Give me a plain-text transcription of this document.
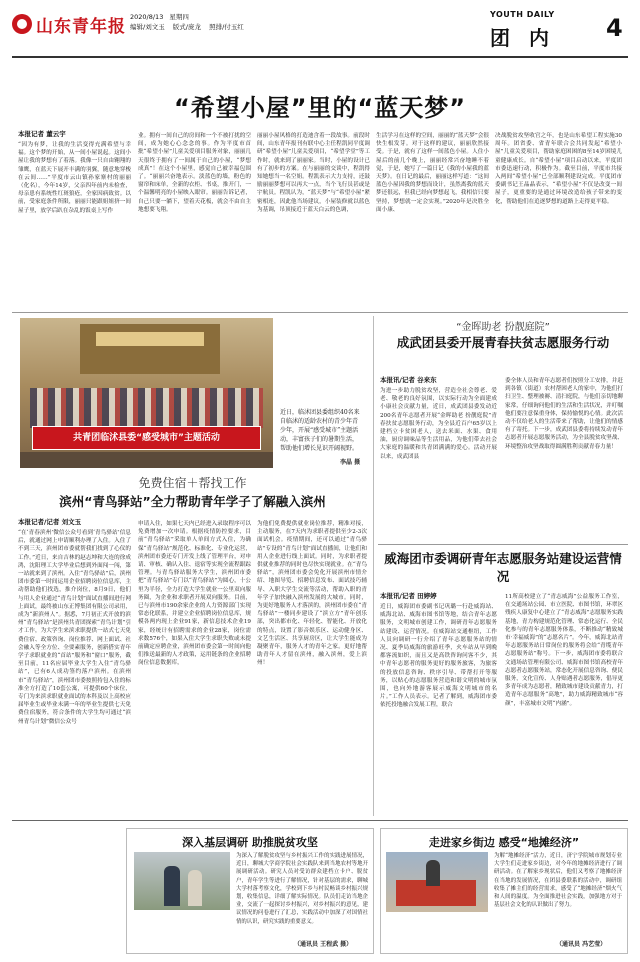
山东青年报 2020/8/13 星期四
编辑/刘文玉 版式/庞龙 照排/付玉红
YOUTH DAILY
团 内 4
“希望小屋”里的“蓝天梦”
本报记者 董云宇
“因为有梦，让我的生活变得充满希望与幸福。这个梦的开始，从一间小屋说起。这间小屋让我的梦想有了着落。我像一只自由翱翔的雏鹰，在蓝天下展开丰满的羽翼，随意地穿梭在云间……”平度市云山镇孙家寨村的丽丽（化名），今年14岁，父亲四年前内未检查，母亲患有系统性红斑狼疮，全家因病致贫。以前，受家庭条件所限，丽丽只能跟姐姐挤一间屋子里，放学后趴在杂乱的饭桌上写作
业。拥有一间自己的房间和一个不被打扰的空间，成为她心心念念的事。作为平度市首批“希望小屋”儿童关爱项目服务对象，丽丽几天很终于拥有了一间属于自己的小屋，“梦想成真”！在这个小屋里，感觉自己被幸福包围了。“丽丽兴奋地表示。淡蓝色的墙，粉色的窗帘和床单，全新的衣柜、书桌，推开门，一个温馨明亮的小屋映入眼帘。丽丽告诉记者，自己只要一躺下，望着天花板，就会不由自主地想要飞翔。
丽丽小屋风格的打造迪含着一段故事。前段时间，山东青年报刊有联中心主任程凯同平度调研“希望小屋”儿童关爱项目，“希望学堂”等工作时，就来到了丽丽家。当时，小屋的设计已有了初步的方案。在与丽丽的交谈中，程凯得知她想当一名空姐。程凯表示大力支持，还鼓励丽丽梦想可以再大一点，当个飞行员甚或是宇航员。程凯认为，“蓝天梦”与“希望小屋”紧密相连，因此他当场建议，小屋装修就以蓝色为基调，吊顶接近于蓝天白云的色调，
生活学习在这样的空间，丽丽的“蓝天梦”会很快生根发芽。对于这样的建议，丽丽欣然接受。于是，就有了这样一间蓝色小屋。人住小屋后的前几个晚上，丽丽经常兴奋地睡不着觉，于是，她写了一篇日记《我的小屋我的蓝天梦》。在日记的最后，丽丽这样写道：“这间蓝色小屋因我的梦想而设计，虽然离我的蓝天梦还很远，但我已经向梦想起飞，我相信只要坚持，梦想就一定会实现。”2020年是决胜全面小康、
决战脱贫攻坚收官之年，也是山东希望工程实施30周年。团省委、省青年联合会共同发起“希望小屋”儿童关爱项目，帮助家庭困困的8至14岁困境儿童健康成长。自“希望小屋”项目启动以来，平度团市委迅速行动，积极作为。截至目前，平度市共接入两间“希望小屋”已全部顺利建设完成。平度团市委副书记王晶晶表示，“希望小屋”不仅是改变一间屋子，更重要的是通过环境改造给孩子带来的变化，帮助他们在追逐梦想的道路上走得更平稳。
共青团临沭县委“感受城市”主题活动
近日，临沭团县委组织40名来自临沭的适龄农村的青少年青少年，开展“感受城市”主题活动，丰富孩子们的暑期生活，帮助他们增长见识开阔视野。
李晶 摄
免费住宿＋帮找工作
滨州“青鸟驿站”全力帮助青年学子了解融入滨州
本报记者/记者 刘文玉
“在‘青春滨州’微信公众号看到‘青鸟驿站’信息后，就通过网上申请顺利办理了入住。入住了不到三天，滨州团市委就帮我们找到了心仪的工作。”近日，来自吉林的赵志坤和大连的徐成鸿，沈阳理工大学毕业后想到外面闯一闯，第一站就来到了滨州。入住“青鸟驿站”后，滨州团市委第一时间运用企业招聘岗位信息库，主动帮助他们找选，推介岗位，8月9日，他们与用人企业通过“青鸟计划”面试直播间进行网上面试，最终被山东正博集团有限公司录用，成为“新滨州人”。据悉，7月初正式开放的滨州“青鸟驿站”是滨州共青团探索“青鸟计划”引才工作，为大学生来滨求职提供一站式七天免费住宿、政策咨询、岗位推荐、网上面试、社会融入等全方位、全要素服务，创新搭实青年学子求职就业的“首站”服务和“窗口”服务，截至目前，11名应届毕业大学生入住“青鸟驿站”，已有6人成功签约落户滨州。在滨州市“青鸟驿站”，滨州团市委按照持包入住的标准全方打造了10套公寓，可提供60个床位，专门为来滨求职就业面试的本科及以上高校应届毕业生或毕业未满一年的毕业生提供七天免费住宿服务，符合条件的大学生均可通过“滨州青鸟计划”微信公众号
申请入住，如果七天内已经进入录取程序可以免费增加一次申请。根据疫情防控要求，目前“青鸟驿站”采取单人单间方式入住，为确保“青鸟驿站”规范化、标准化、专业化运营，滨州团市委还专门开发上线了管理平台，对申请、审核、确认入住、退宿等实现全流程跟踪管理。与青鸟驿站服务大学生，滨州团市委把“青鸟驿站”专门以“青鸟驿站”为圆心，十公里为半径，全力打造大学生就业一公里双向服务圈，为企业和求职者开展双向服务。目前，已与滨州市190余家企业的人力资源部门实现常态化联系，并建立企业招聘岗位信息库，规模各两内现上企业91家，新信息技术企业19家，经统计有招聘需求的企业28家，岗位需求数576个，如果入住大学生求职失败或未提前确定应聘企业，滨州团市委会第一时间向他们推送最新的人才政策，运用链条的企业招聘岗位信息数据库，
为他们免费提供就业岗位推荐，精准对接，主动服务，在7天内为求职者提供至少2-3次面试机会。疫情期间，还可以通过“青鸟驿站”专设的“青鸟计划”面试直播间，让他们和用人企业进行线上面试。同时，为求职者提供就业推荐的同时也尽快实现就业。在“青鸟驿站”，滨州团市委会免化开展滨州市情介绍、地图导览、招聘信息发布、面试技巧辅导、入职大学生交流等活动，帮助入职的青年学子加快融入滨州发展的大城市。同时，为更好地服务人才落滨的，滨州团市委在“青鸟驿站”一楼同步建设了“滨立方”青年创乐部，突出都市化、年轻化、智能化、开放化的特点，设置了影音娱乐区、运动健身区、文艺生活区、共享厨房区，让大学生能成为凝聚青年，服务人才的青年之家。更好地帮助青年人才留在滨州，融入滨州，爱上滨州！
“金晖助老 扮靓庭院”
成武团县委开展青春扶贫志愿服务行动
本报讯/记者 谷来东
为进一步助力脱贫攻坚，营造全社会尊老、爱老、敬老的良好氛围，以实际行动为全面建成小康社会贡献力量，近日，成武团县委发动近200名青年志愿者开展“金晖助老 扮靓庭院”青春扶贫志愿服务行动，为全县近百户65岁以上建档立卡贫困老人，送去米面、水果、食用油，厨房调味品等生活用品，为他们带去社会大家庭的温暖和共青团满满的爱心。活动开展以来，成武团县
委全体人员和青年志愿者们按照分工安排，并赶到各镇（街道）农村帮困老人的家中，为他们打扫卫生、整理被褥、清扫庭院，与他们亲切地聊家常，仔细询问他们的生活和生活状况，并叮嘱他们要注意保重身体，保持愉悦的心情。此次活动不仅给老人的生活带来了帮助，让他们的情感有了寄托。下一步，成武团县委将持续发动青年志愿者开展志愿服务活动，为全县脱贫攻坚战、环境整治攻坚战取得圆满胜利贡献青春力量！
威海团市委调研青年志愿服务站建设运营情况
本报讯/记者 田婷婷
近日，威海团市委副书记巩璐一行赴威海站、威海北站、威海市图书馆等地，结合青年志愿服务，文明城市创建工作，调研青年志愿服务站建设、运营情况。在威海站交通枢纽，工作人员向调研一行介绍了青年志愿服务站的情况、夏季局威海的旅游旺季，火车站从早到晚都客流如织，而且又是高铁咨询问客不少，其中青年志愿者的服务更好的服务旅客，为旅客的投放信息咨询、秩序引导、带帮打开等服务，以贴心的志愿服务营造和谐文明的城市氛围，也向外地游客展示威海文明城市的名片。”工作人员表示。记者了解到，威海团市委依托投地融合发展工程，联合
11所高校建立了“青志威海”公益服务工作室，在交通场站公园、市立医院、市图书馆，环翠区残疾人康复中心建立了“青志威海”志愿服务实践基地，青力构建规范化管理、常态化运行、全民化参与的青年志愿服务体系，不断推动“精致城市·幸福威海”的“志愿名片”。今年，威海北站青年志愿服务站日常岗位的服务将会给“青缆青年志愿服务站”称号。下一步，威海团市委将联合文通场站管理有限公司、威海市图书馆高校青年志愿者志愿服务站，常态化开展信息咨询、便民服务，文化宣传、人身贴遇者志愿服务，倡导更多青年成为志愿者，精致城市建设贡献青力，打造青年志愿服务“高地”，助力威海精致城市“容颜”，丰富城市文明“内涵”。
深入基层调研 助推脱贫攻坚
为深入了解脱贫攻坚与乡村振兴工作的实践进展情况，近日，聊城大学商学院社会实践队来到当地农村等地开展调研活动。研究人员对受访群众建档立卡户、脱贫户，青年学生等进行了解情况，针对基层的需求，聊城大学村落考察文化，学校到下乡与村民畅谈乡村振兴规划，收集信息，详细了解实际情况。队员们走访当地企业，交流了一起探讨乡村振兴，对乡村振兴的意见，建议情况的问卷进行了汇总，实践活动中加深了对国情社情的认识，研究实践的重要意义。
（通讯员 王程武 摄）
走进家乡街边 感受“地摊经济”
为解“地摊经济”活力，近日，济宁学院城市规划专业大学生们走进家乡街边，对今年的地摊经济进行了调研活动。在了解家乡现状后，他们又考察了地摊经济在当地的发展情况，在团县委联系的活动中，调研组收集了摊主们的经营需求，感受了“地摊经济”烟火气和人间的温度。为全面推进社会实践，加强地方对于基层社会文化的认识做出了努力。
（通讯员 冯艺莹）
